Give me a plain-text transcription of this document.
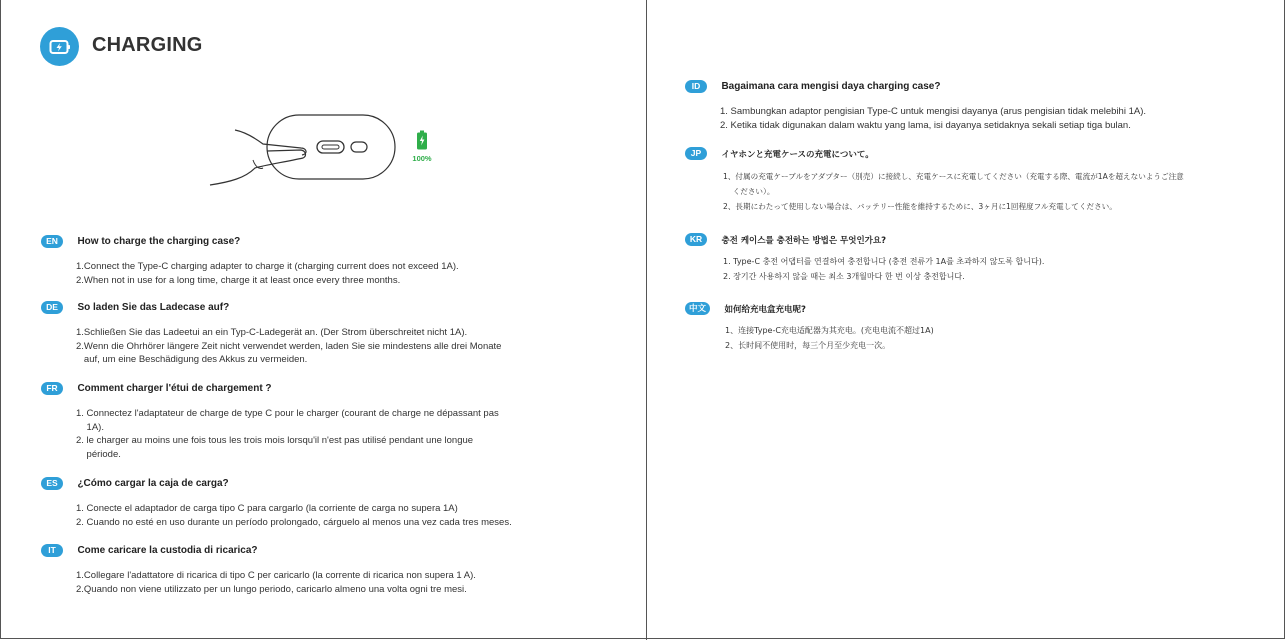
CHARGING
100%
EN How to charge the charging case?
1.Connect the Type-C charging adapter to charge it (charging current does not exceed 1A).
2.When not in use for a long time, charge it at least once every three months.
DE So laden Sie das Ladecase auf?
1.Schließen Sie das Ladeetui an ein Typ-C-Ladegerät an. (Der Strom überschreitet nicht 1A).
2.Wenn die Ohrhörer längere Zeit nicht verwendet werden, laden Sie sie mindestens alle drei Monate
auf, um eine Beschädigung des Akkus zu vermeiden.
FR Comment charger l'étui de chargement ?
1. Connectez l'adaptateur de charge de type C pour le charger (courant de charge ne dépassant pas
1A).
2. le charger au moins une fois tous les trois mois lorsqu'il n'est pas utilisé pendant une longue
période.
ES ¿Cómo cargar la caja de carga?
1. Conecte el adaptador de carga tipo C para cargarlo (la corriente de carga no supera 1A)
2. Cuando no esté en uso durante un período prolongado, cárguelo al menos una vez cada tres meses.
IT Come caricare la custodia di ricarica?
1.Collegare l'adattatore di ricarica di tipo C per caricarlo (la corrente di ricarica non supera 1 A).
2.Quando non viene utilizzato per un lungo periodo, caricarlo almeno una volta ogni tre mesi.
ID Bagaimana cara mengisi daya charging case?
1. Sambungkan adaptor pengisian Type-C untuk mengisi dayanya (arus pengisian tidak melebihi 1A).
2. Ketika tidak digunakan dalam waktu yang lama, isi dayanya setidaknya sekali setiap tiga bulan.
JP イヤホンと充電ケースの充電について。
1、付属の充電ケーブルをアダプター（別売）に接続し、充電ケースに充電してください（充電する際、電流が1Aを超えないようご注意
ください）。
2、長期にわたって使用しない場合は、バッテリー性能を維持するために、3ヶ月に1回程度フル充電してください。
KR 충전 케이스를 충전하는 방법은 무엇인가요?
1. Type-C 충전 어댑터를 연결하여 충전합니다 (충전 전류가 1A를 초과하지 않도록 합니다).
2. 장기간 사용하지 않을 때는 최소 3개월마다 한 번 이상 충전합니다.
中文 如何给充电盒充电呢?
1、连接Type-C充电适配器为其充电。(充电电流不超过1A)
2、长时间不使用时，每三个月至少充电一次。
